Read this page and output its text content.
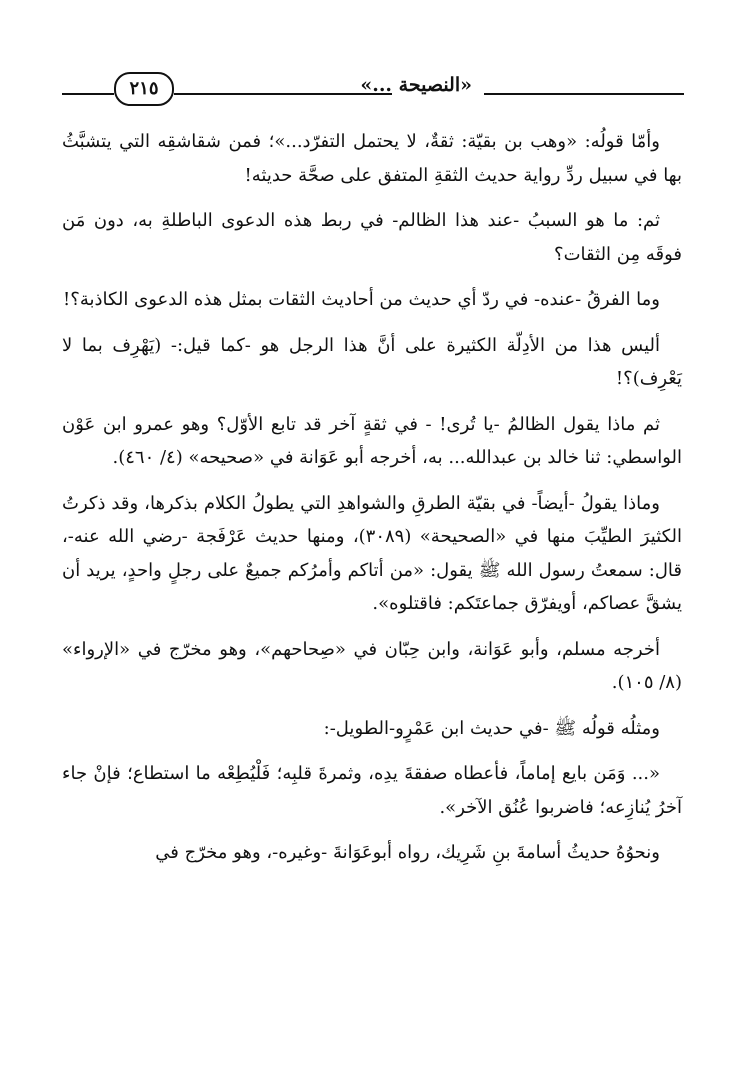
«النصيحة ...»
٢١٥

وأمّا قولُه: «وهب بن بقيّة: ثقةٌ، لا يحتمل التفرّد...»؛ فمن شقاشقِه التي يتشبَّثُ بها في سبيل ردِّ رواية حديث الثقةِ المتفق على صحَّة حديثه!

ثم: ما هو السببُ -عند هذا الظالم- في ربط هذه الدعوى الباطلةِ به، دون مَن فوقَه مِن الثقات؟

وما الفرقُ -عنده- في ردّ أي حديث من أحاديث الثقات بمثل هذه الدعوى الكاذبة؟!

أليس هذا من الأدِلّة الكثيرة على أنَّ هذا الرجل هو -كما قيل:- (يَهْرِف بما لا يَعْرِف)؟!

ثم ماذا يقول الظالمُ -يا تُرى! - في ثقةٍ آخر قد تابع الأوّل؟ وهو عمرو ابن عَوْن الواسطي: ثنا خالد بن عبدالله... به، أخرجه أبو عَوَانة في «صحيحه» (٤/ ٤٦٠).

وماذا يقولُ -أيضاً- في بقيّة الطرقِ والشواهدِ التي يطولُ الكلام بذكرها، وقد ذكرتُ الكثيرَ الطيِّبَ منها في «الصحيحة» (٣٠٨٩)، ومنها حديث عَرْفَجة -رضي الله عنه-، قال: سمعتُ رسول الله ﷺ يقول: «من أتاكم وأمرُكم جميعٌ على رجلٍ واحدٍ، يريد أن يشقَّ عصاكم، أويفرّق جماعتَكم: فاقتلوه».

أخرجه مسلم، وأبو عَوَانة، وابن حِبّان في «صِحاحهم»، وهو مخرّج في «الإرواء» (٨/ ١٠٥).

ومثلُه قولُه ﷺ -في حديث ابن عَمْرٍو-الطويل-:

«... وَمَن بايع إماماً، فأعطاه صفقةَ يدِه، وثمرةَ قلبِه؛ فَلْيُطِعْه ما استطاع؛ فإنْ جاء آخرُ يُنازِعه؛ فاضربوا عُنُق الآخر».

ونحوُهُ حديثُ أسامةَ بنِ شَرِيك، رواه أبوعَوَانةَ -وغيره-، وهو مخرّج في
